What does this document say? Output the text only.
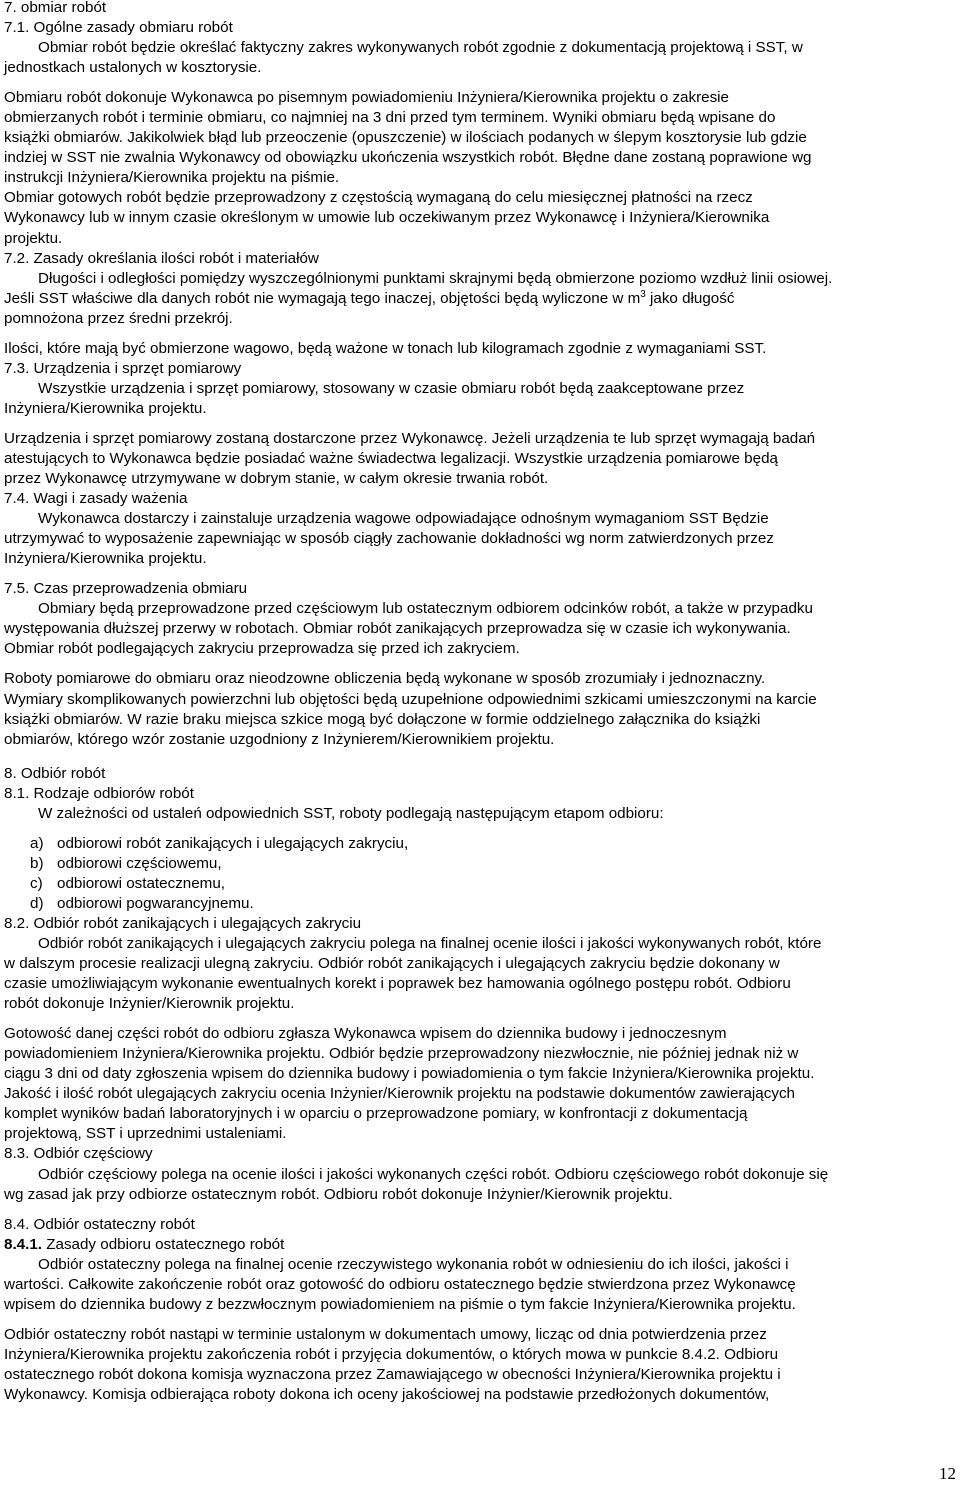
7. obmiar robót
7.1. Ogólne zasady obmiaru robót
Obmiar robót będzie określać faktyczny zakres wykonywanych robót zgodnie z dokumentacją projektową i SST, w
jednostkach ustalonych w kosztorysie.
Obmiaru robót dokonuje Wykonawca po pisemnym powiadomieniu Inżyniera/Kierownika projektu o zakresie
obmierzanych robót i terminie obmiaru, co najmniej na 3 dni przed tym terminem. Wyniki obmiaru będą wpisane do
książki obmiarów. Jakikolwiek błąd lub przeoczenie (opuszczenie) w ilościach podanych w ślepym kosztorysie lub gdzie
indziej w SST nie zwalnia Wykonawcy od obowiązku ukończenia wszystkich robót. Błędne dane zostaną poprawione wg
instrukcji Inżyniera/Kierownika projektu na piśmie.
Obmiar gotowych robót będzie przeprowadzony z częstością wymaganą do celu miesięcznej płatności na rzecz
Wykonawcy lub w innym czasie określonym w umowie lub oczekiwanym przez Wykonawcę i Inżyniera/Kierownika
projektu.
7.2. Zasady określania ilości robót i materiałów
Długości i odległości pomiędzy wyszczególnionymi punktami skrajnymi będą obmierzone poziomo wzdłuż linii osiowej.
Jeśli SST właściwe dla danych robót nie wymagają tego inaczej, objętości będą wyliczone w $m^3$ jako długość
pomnożona przez średni przekrój.
Ilości, które mają być obmierzone wagowo, będą ważone w tonach lub kilogramach zgodnie z wymaganiami SST.
7.3. Urządzenia i sprzęt pomiarowy
Wszystkie urządzenia i sprzęt pomiarowy, stosowany w czasie obmiaru robót będą zaakceptowane przez
Inżyniera/Kierownika projektu.
Urządzenia i sprzęt pomiarowy zostaną dostarczone przez Wykonawcę. Jeżeli urządzenia te lub sprzęt wymagają badań
atestujących to Wykonawca będzie posiadać ważne świadectwa legalizacji. Wszystkie urządzenia pomiarowe będą
przez Wykonawcę utrzymywane w dobrym stanie, w całym okresie trwania robót.
7.4. Wagi i zasady ważenia
Wykonawca dostarczy i zainstaluje urządzenia wagowe odpowiadające odnośnym wymaganiom SST Będzie
utrzymywać to wyposażenie zapewniając w sposób ciągły zachowanie dokładności wg norm zatwierdzonych przez
Inżyniera/Kierownika projektu.
7.5. Czas przeprowadzenia obmiaru
Obmiary będą przeprowadzone przed częściowym lub ostatecznym odbiorem odcinków robót, a także w przypadku
występowania dłuższej przerwy w robotach. Obmiar robót zanikających przeprowadza się w czasie ich wykonywania.
Obmiar robót podlegających zakryciu przeprowadza się przed ich zakryciem.
Roboty pomiarowe do obmiaru oraz nieodzowne obliczenia będą wykonane w sposób zrozumiały i jednoznaczny.
Wymiary skomplikowanych powierzchni lub objętości będą uzupełnione odpowiednimi szkicami umieszczonymi na karcie
książki obmiarów. W razie braku miejsca szkice mogą być dołączone w formie oddzielnego załącznika do książki
obmiarów, którego wzór zostanie uzgodniony z Inżynierem/Kierownikiem projektu.
8. Odbiór robót
8.1. Rodzaje odbiorów robót
W zależności od ustaleń odpowiednich SST, roboty podlegają następującym etapom odbioru:
a) odbiorowi robót zanikających i ulegających zakryciu,
b) odbiorowi częściowemu,
c) odbiorowi ostatecznemu,
d) odbiorowi pogwarancyjnemu.
8.2. Odbiór robót zanikających i ulegających zakryciu
Odbiór robót zanikających i ulegających zakryciu polega na finalnej ocenie ilości i jakości wykonywanych robót, które
w dalszym procesie realizacji ulegną zakryciu. Odbiór robót zanikających i ulegających zakryciu będzie dokonany w
czasie umożliwiającym wykonanie ewentualnych korekt i poprawek bez hamowania ogólnego postępu robót. Odbioru
robót dokonuje Inżynier/Kierownik projektu.
Gotowość danej części robót do odbioru zgłasza Wykonawca wpisem do dziennika budowy i jednoczesnym
powiadomieniem Inżyniera/Kierownika projektu. Odbiór będzie przeprowadzony niezwłocznie, nie później jednak niż w
ciągu 3 dni od daty zgłoszenia wpisem do dziennika budowy i powiadomienia o tym fakcie Inżyniera/Kierownika projektu.
Jakość i ilość robót ulegających zakryciu ocenia Inżynier/Kierownik projektu na podstawie dokumentów zawierających
komplet wyników badań laboratoryjnych i w oparciu o przeprowadzone pomiary, w konfrontacji z dokumentacją
projektową, SST i uprzednimi ustaleniami.
8.3. Odbiór częściowy
Odbiór częściowy polega na ocenie ilości i jakości wykonanych części robót. Odbioru częściowego robót dokonuje się
wg zasad jak przy odbiorze ostatecznym robót. Odbioru robót dokonuje Inżynier/Kierownik projektu.
8.4. Odbiór ostateczny robót
8.4.1. Zasady odbioru ostatecznego robót
Odbiór ostateczny polega na finalnej ocenie rzeczywistego wykonania robót w odniesieniu do ich ilości, jakości i
wartości. Całkowite zakończenie robót oraz gotowość do odbioru ostatecznego będzie stwierdzona przez Wykonawcę
wpisem do dziennika budowy z bezzwłocznym powiadomieniem na piśmie o tym fakcie Inżyniera/Kierownika projektu.
Odbiór ostateczny robót nastąpi w terminie ustalonym w dokumentach umowy, licząc od dnia potwierdzenia przez
Inżyniera/Kierownika projektu zakończenia robót i przyjęcia dokumentów, o których mowa w punkcie 8.4.2. Odbioru
ostatecznego robót dokona komisja wyznaczona przez Zamawiającego w obecności Inżyniera/Kierownika projektu i
Wykonawcy. Komisja odbierająca roboty dokona ich oceny jakościowej na podstawie przedłożonych dokumentów,
12
